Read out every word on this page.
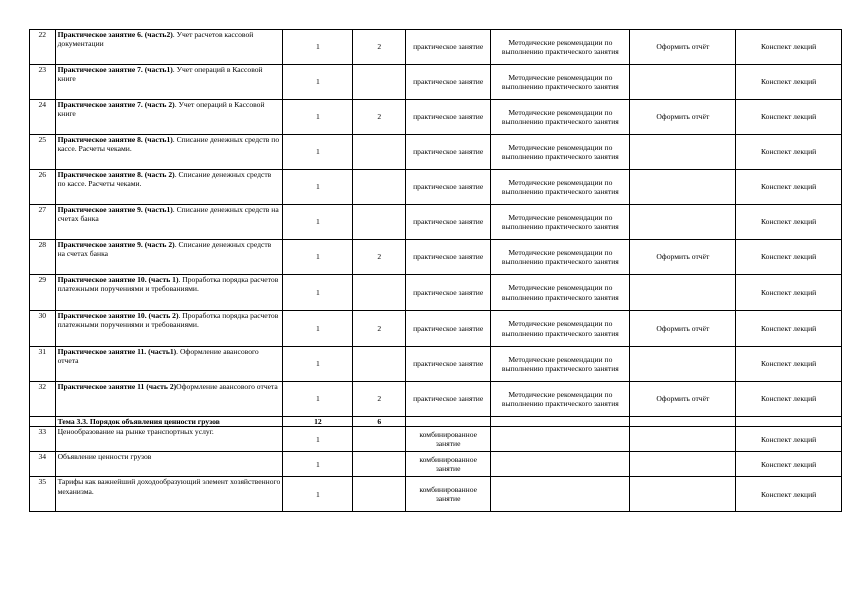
22	Практическое занятие 6. (часть2). Учет расчетов кассовой документации	1	2	практическое занятие	Методические рекомендации по выполнению практического занятия	Оформить отчёт	Конспект лекций
23	Практическое занятие 7. (часть1). Учет операций в Кассовой книге	1		практическое занятие	Методические рекомендации по выполнению практического занятия		Конспект лекций
24	Практическое занятие 7. (часть 2). Учет операций в Кассовой книге	1	2	практическое занятие	Методические рекомендации по выполнению практического занятия	Оформить отчёт	Конспект лекций
25	Практическое занятие 8. (часть1). Списание денежных средств по кассе. Расчеты чеками.	1		практическое занятие	Методические рекомендации по выполнению практического занятия		Конспект лекций
26	Практическое занятие 8. (часть 2). Списание денежных средств по кассе. Расчеты чеками.	1		практическое занятие	Методические рекомендации по выполнению практического занятия		Конспект лекций
27	Практическое занятие 9. (часть1). Списание денежных средств на счетах банка	1		практическое занятие	Методические рекомендации по выполнению практического занятия		Конспект лекций
28	Практическое занятие 9. (часть 2). Списание денежных средств на счетах банка	1	2	практическое занятие	Методические рекомендации по выполнению практического занятия	Оформить отчёт	Конспект лекций
29	Практическое занятие 10. (часть 1). Проработка порядка расчетов платежными поручениями и требованиями.	1		практическое занятие	Методические рекомендации по выполнению практического занятия		Конспект лекций
30	Практическое занятие 10. (часть 2). Проработка порядка расчетов платежными поручениями и требованиями.	1	2	практическое занятие	Методические рекомендации по выполнению практического занятия	Оформить отчёт	Конспект лекций
31	Практическое занятие 11. (часть1). Оформление авансового отчета	1		практическое занятие	Методические рекомендации по выполнению практического занятия		Конспект лекций
32	Практическое занятие 11 (часть 2)Оформление авансового отчета	1	2	практическое занятие	Методические рекомендации по выполнению практического занятия	Оформить отчёт	Конспект лекций
	Тема 3.3. Порядок объявления ценности грузов	12	6				
33	Ценообразование на рынке транспортных услуг.	1		комбинированное занятие			Конспект лекций
34	Объявление ценности грузов	1		комбинированное занятие			Конспект лекций
35	Тарифы как важнейший доходообразующий элемент хозяйственного механизма.	1		комбинированное занятие			Конспект лекций
